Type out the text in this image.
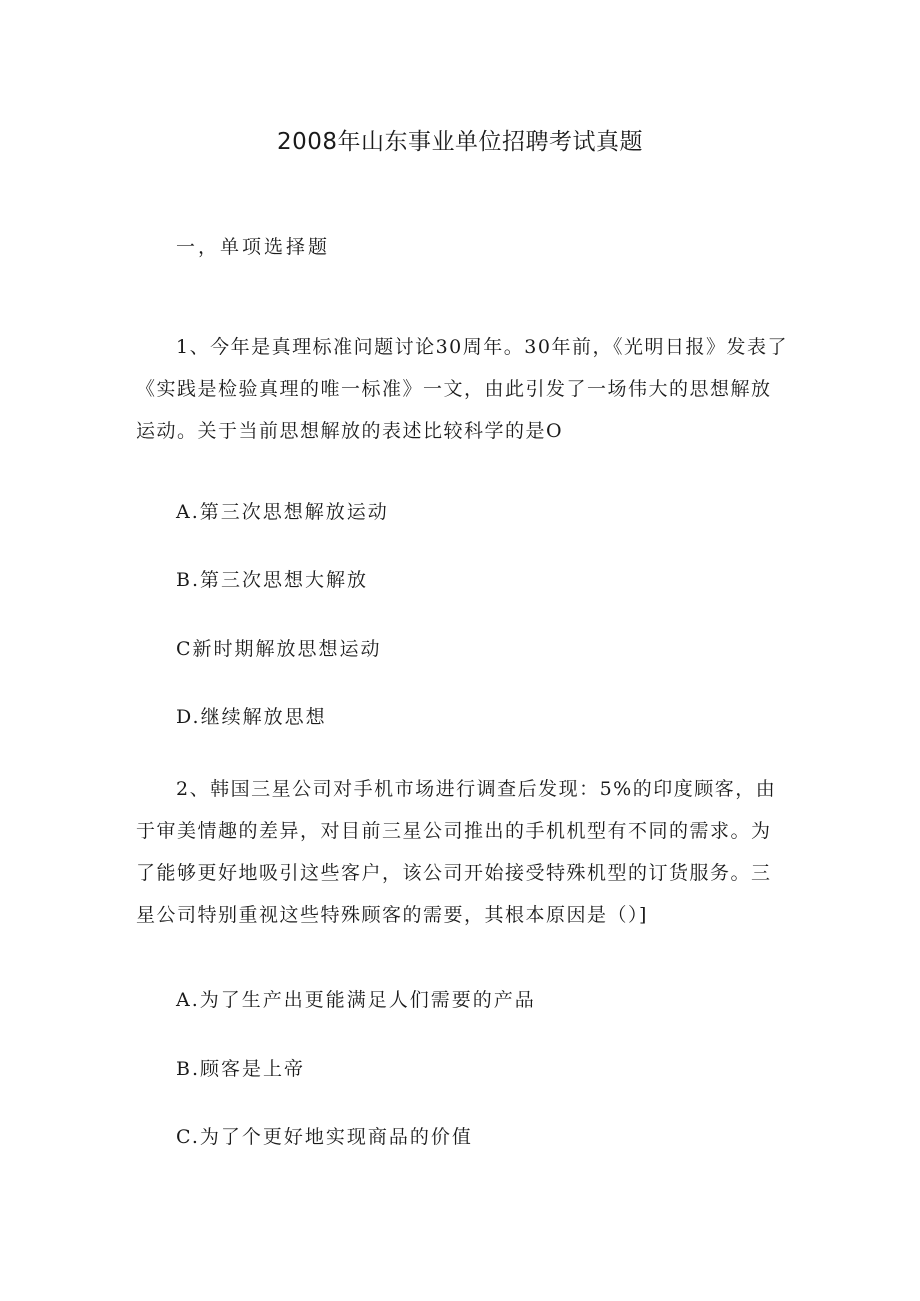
2008年山东事业单位招聘考试真题
一，单项选择题

1、今年是真理标准问题讨论30周年。30年前，《光明日报》发表了《实践是检验真理的唯一标准》一文，由此引发了一场伟大的思想解放运动。关于当前思想解放的表述比较科学的是O

A.第三次思想解放运动
B.第三次思想大解放
C新时期解放思想运动
D.继续解放思想

2、韩国三星公司对手机市场进行调查后发现：5%的印度顾客，由于审美情趣的差异，对目前三星公司推出的手机机型有不同的需求。为了能够更好地吸引这些客户，该公司开始接受特殊机型的订货服务。三星公司特别重视这些特殊顾客的需要，其根本原因是（）]

A.为了生产出更能满足人们需要的产品
B.顾客是上帝
C.为了个更好地实现商品的价值
